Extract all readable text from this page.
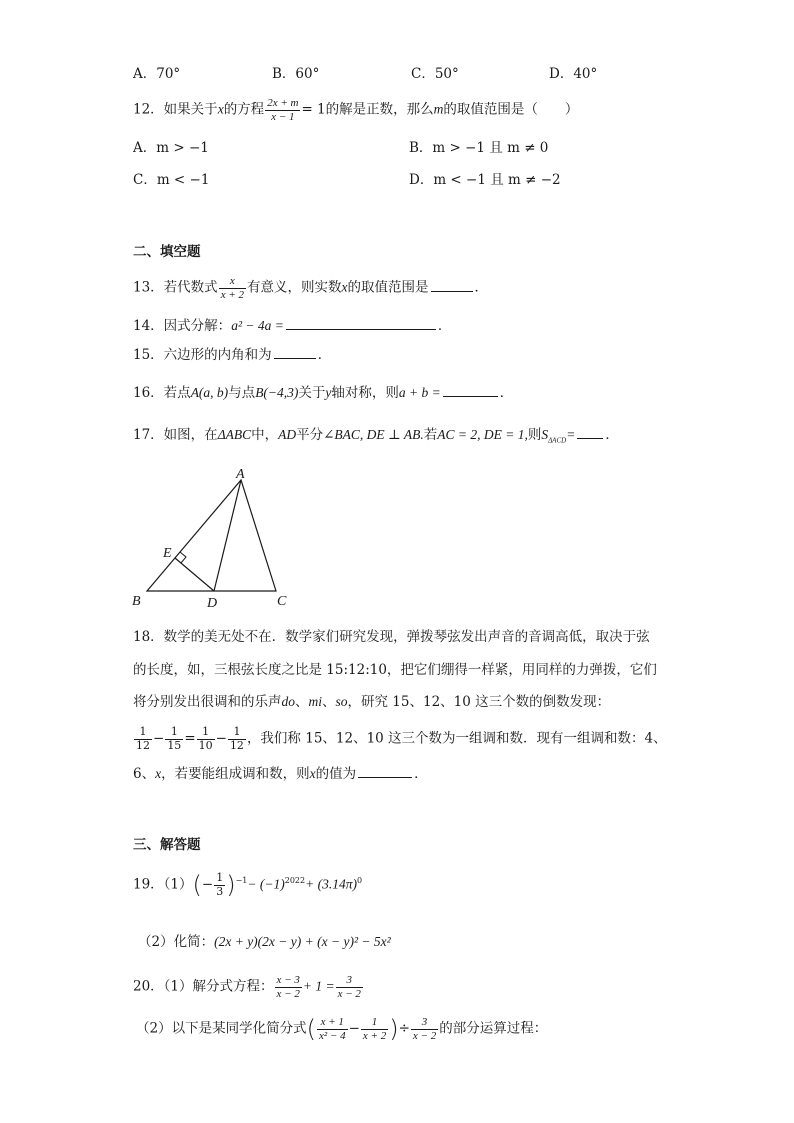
A．70°	B．60°	C．50°	D．40°
12．如果关于x的方程 $\frac{2x + m}{x - 1} = 1$的解是正数，那么m的取值范围是（　　）
A．m > −1	B．m > −1 且 m ≠ 0
C．m < −1	D．m < −1 且 m ≠ −2
二、填空题
13．若代数式 $\frac{x}{x + 2}$ 有意义，则实数x的取值范围是	．
14．因式分解：a² − 4a =	．
15．六边形的内角和为	．
16．若点A(a, b)与点B(−4,3)关于y轴对称，则a + b =	．
17．如图，在ΔABC中，AD平分∠BAC, DE ⊥ AB.若AC = 2, DE = 1,则$S_{\Delta ACD}=$ ．
A
B	C
D
E
18．数学的美无处不在．数学家们研究发现，弹拨琴弦发出声音的音调高低，取决于弦
的长度，如，三根弦长度之比是 15:12:10，把它们绷得一样紧，用同样的力弹拨，它们
将分别发出很调和的乐声do、mi、so，研究 15、12、10 这三个数的倒数发现：
$\frac{1}{12} - \frac{1}{15} = \frac{1}{10} - \frac{1}{12}$ ，我们称 15、12、10 这三个数为一组调和数．现有一组调和数：4、
6、x，若要能组成调和数，则x的值为	．
三、解答题
19．$(1)(- \frac{1}{3} )^{-1}- (-1)^{2022}+ (3.14\pi)^0$
（2）化简：(2x + y)(2x − y) + (x − y)² − 5x²
20．（1）解分式方程： $\frac{x - 3}{x - 2} + 1 = \frac{3}{x - 2}$
（2）以下是某同学化简分式( $\frac{x + 1}{\text{x² − 4}} - \frac{1}{x + 2}$ )÷ $\frac{3}{x - 2}$ 的部分运算过程：
